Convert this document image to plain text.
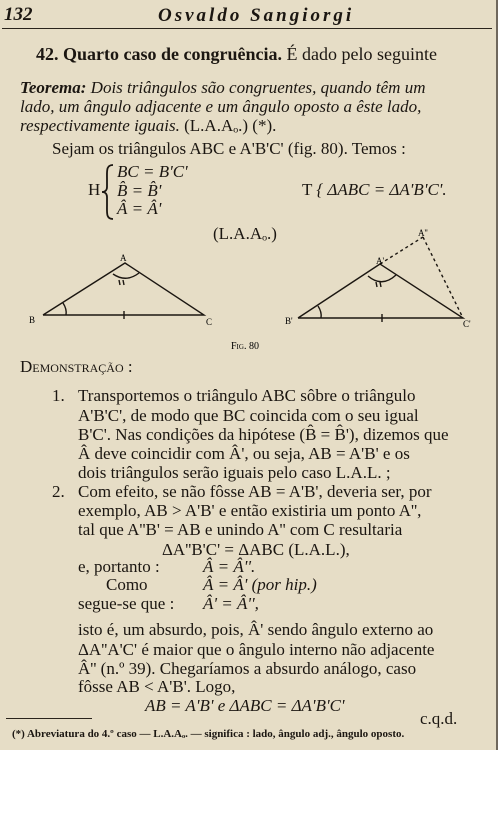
132	Osvaldo Sangiorgi
42. Quarto caso de congruência. É dado pelo seguinte
Teorema: Dois triângulos são congruentes, quando têm um
lado, um ângulo adjacente e um ângulo oposto a êste lado,
respectivamente iguais. (L.A.Aₒ.) (*).
Sejam os triângulos ABC e A'B'C' (fig. 80). Temos :
H
BC = B'C'
B̂ = B̂'
Â = Â'
T { ΔABC = ΔA'B'C'.
(L.A.Aₒ.)
A
B	C
A'
A''
B'	C'
Fig. 80
Demonstração :
1. Transportemos o triângulo ABC sôbre o triângulo
A'B'C', de modo que BC coincida com o seu igual
B'C'. Nas condições da hipótese (B̂ = B̂'), dizemos que
Â deve coincidir com Â', ou seja, AB = A'B' e os
dois triângulos serão iguais pelo caso L.A.L. ;
2. Com efeito, se não fôsse AB = A'B', deveria ser, por
exemplo, AB > A'B' e então existiria um ponto A'',
tal que A''B' = AB e unindo A'' com C resultaria
ΔA''B'C' = ΔABC (L.A.L.),
e, portanto :	Â = Â''.
Como	Â = Â' (por hip.)
segue-se que : Â' = Â'',
isto é, um absurdo, pois, Â' sendo ângulo externo ao
ΔA''A'C' é maior que o ângulo interno não adjacente
Â'' (n.º 39). Chegaríamos a absurdo análogo, caso
fôsse AB < A'B'. Logo,
AB = A'B' e ΔABC = ΔA'B'C'
c.q.d.
(*) Abreviatura do 4.º caso — L.A.Aₒ. — significa : lado, ângulo adj., ângulo oposto.
